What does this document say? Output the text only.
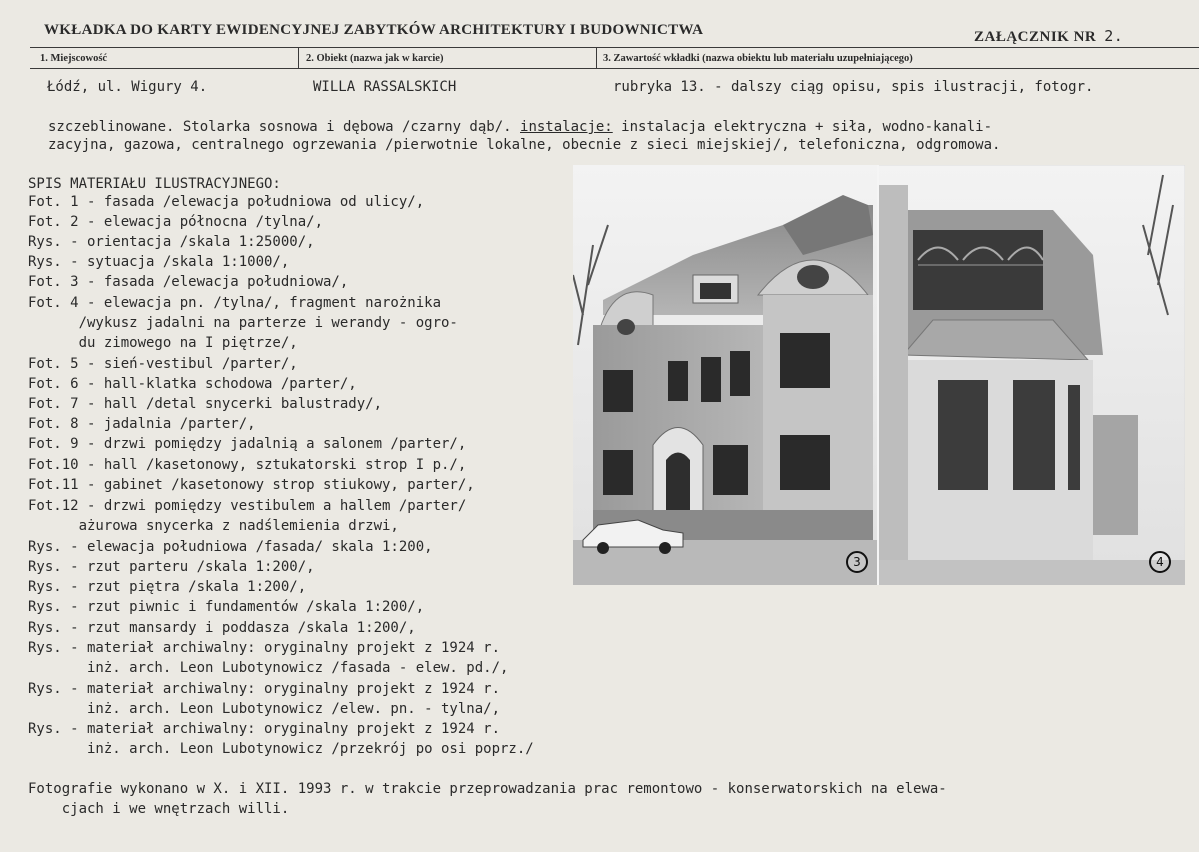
WKŁADKA DO KARTY EWIDENCYJNEJ ZABYTKÓW ARCHITEKTURY I BUDOWNICTWA	ZAŁĄCZNIK NR 2.
1. Miejscowość	2. Obiekt (nazwa jak w karcie)	3. Zawartość wkładki (nazwa obiektu lub materiału uzupełniającego)
Łódź, ul. Wigury 4.	WILLA RASSALSKICH	rubryka 13. - dalszy ciąg opisu, spis ilustracji, fotogr.
szczeblinowane. Stolarka sosnowa i dębowa /czarny dąb/. instalacje: instalacja elektryczna + siła, wodno-kanali-
zacyjna, gazowa, centralnego ogrzewania /pierwotnie lokalne, obecnie z sieci miejskiej/, telefoniczna, odgromowa.
SPIS MATERIAŁU ILUSTRACYJNEGO:
Fot. 1 - fasada /elewacja południowa od ulicy/,
Fot. 2 - elewacja północna /tylna/,
Rys. - orientacja /skala 1:25000/,
Rys. - sytuacja /skala 1:1000/,
Fot. 3 - fasada /elewacja południowa/,
Fot. 4 - elewacja pn. /tylna/, fragment narożnika
/wykusz jadalni na parterze i werandy - ogro-
du zimowego na I piętrze/,
Fot. 5 - sień-vestibul /parter/,
Fot. 6 - hall-klatka schodowa /parter/,
Fot. 7 - hall /detal snycerki balustrady/,
Fot. 8 - jadalnia /parter/,
Fot. 9 - drzwi pomiędzy jadalnią a salonem /parter/,
Fot.10 - hall /kasetonowy, sztukatorski strop I p./,
Fot.11 - gabinet /kasetonowy strop stiukowy, parter/,
Fot.12 - drzwi pomiędzy vestibulem a hallem /parter/
ażurowa snycerka z nadślemienia drzwi,
Rys. - elewacja południowa /fasada/ skala 1:200,
Rys. - rzut parteru /skala 1:200/,
Rys. - rzut piętra /skala 1:200/,
Rys. - rzut piwnic i fundamentów /skala 1:200/,
Rys. - rzut mansardy i poddasza /skala 1:200/,
Rys. - materiał archiwalny: oryginalny projekt z 1924 r.
inż. arch. Leon Lubotynowicz /fasada - elew. pd./,
Rys. - materiał archiwalny: oryginalny projekt z 1924 r.
inż. arch. Leon Lubotynowicz /elew. pn. - tylna/,
Rys. - materiał archiwalny: oryginalny projekt z 1924 r.
inż. arch. Leon Lubotynowicz /przekrój po osi poprz./
Fotografie wykonano w X. i XII. 1993 r. w trakcie przeprowadzania prac remontowo - konserwatorskich na elewa-
cjach i we wnętrzach willi.
3	4
